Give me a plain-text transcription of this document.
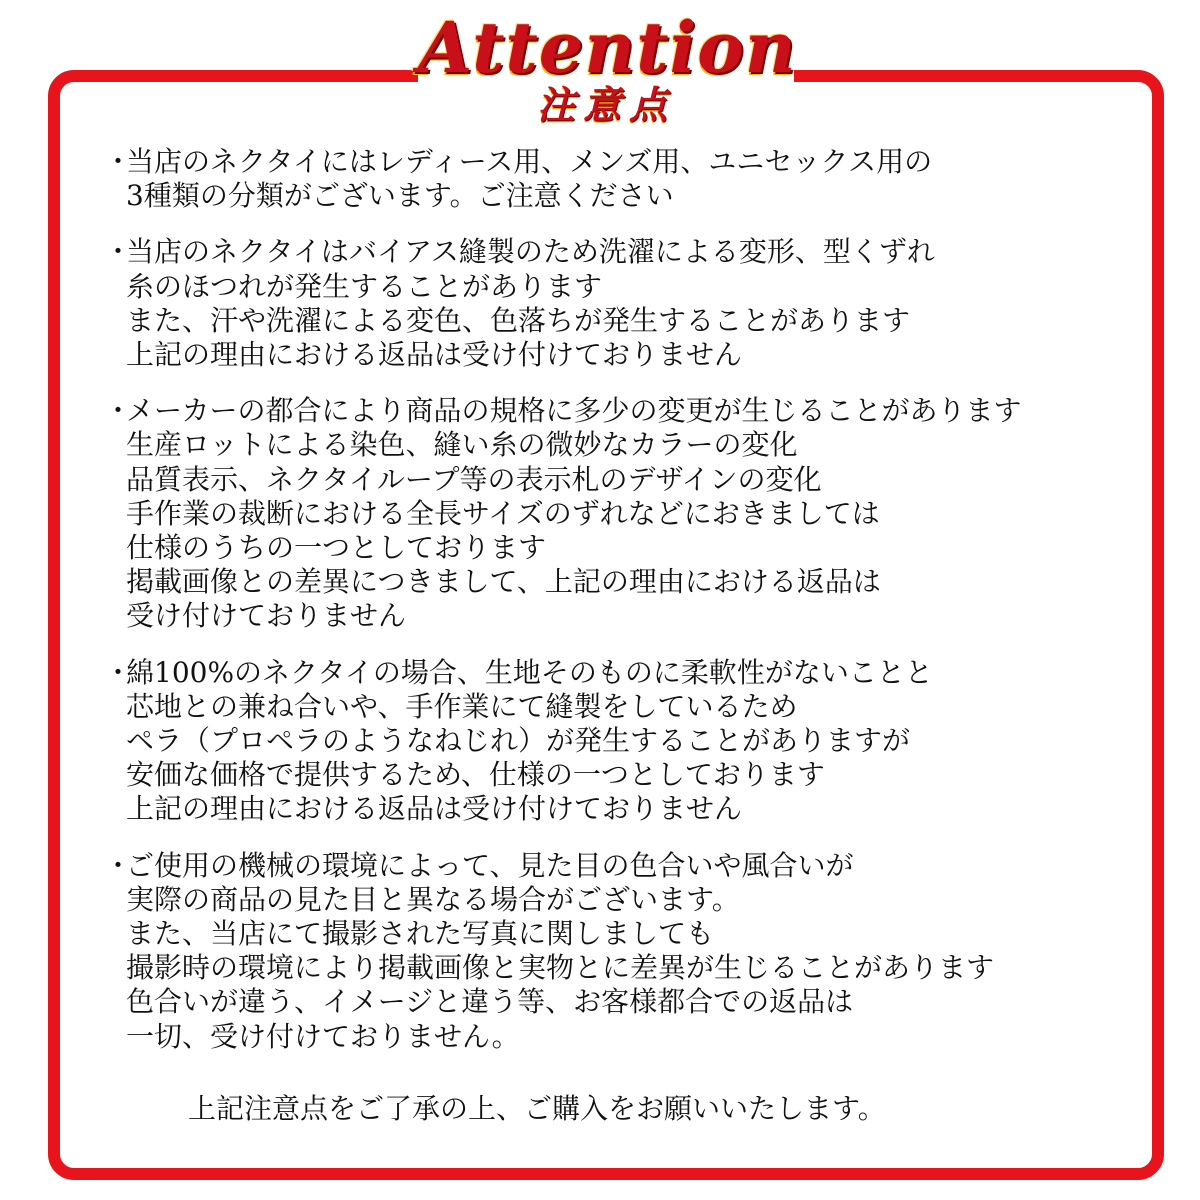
Attention
注意点
・
当店のネクタイにはレディース用、メンズ用、ユニセックス用の
3種類の分類がございます。ご注意ください
・
当店のネクタイはバイアス縫製のため洗濯による変形、型くずれ
糸のほつれが発生することがあります
また、汗や洗濯による変色、色落ちが発生することがあります
上記の理由における返品は受け付けておりません
・
メーカーの都合により商品の規格に多少の変更が生じることがあります
生産ロットによる染色、縫い糸の微妙なカラーの変化
品質表示、ネクタイループ等の表示札のデザインの変化
手作業の裁断における全長サイズのずれなどにおきましては
仕様のうちの一つとしております
掲載画像との差異につきまして、上記の理由における返品は
受け付けておりません
・
綿100%のネクタイの場合、生地そのものに柔軟性がないことと
芯地との兼ね合いや、手作業にて縫製をしているため
ペラ（プロペラのようなねじれ）が発生することがありますが
安価な価格で提供するため、仕様の一つとしております
上記の理由における返品は受け付けておりません
・
ご使用の機械の環境によって、見た目の色合いや風合いが
実際の商品の見た目と異なる場合がございます。
また、当店にて撮影された写真に関しましても
撮影時の環境により掲載画像と実物とに差異が生じることがあります
色合いが違う、イメージと違う等、お客様都合での返品は
一切、受け付けておりません。
上記注意点をご了承の上、ご購入をお願いいたします。
